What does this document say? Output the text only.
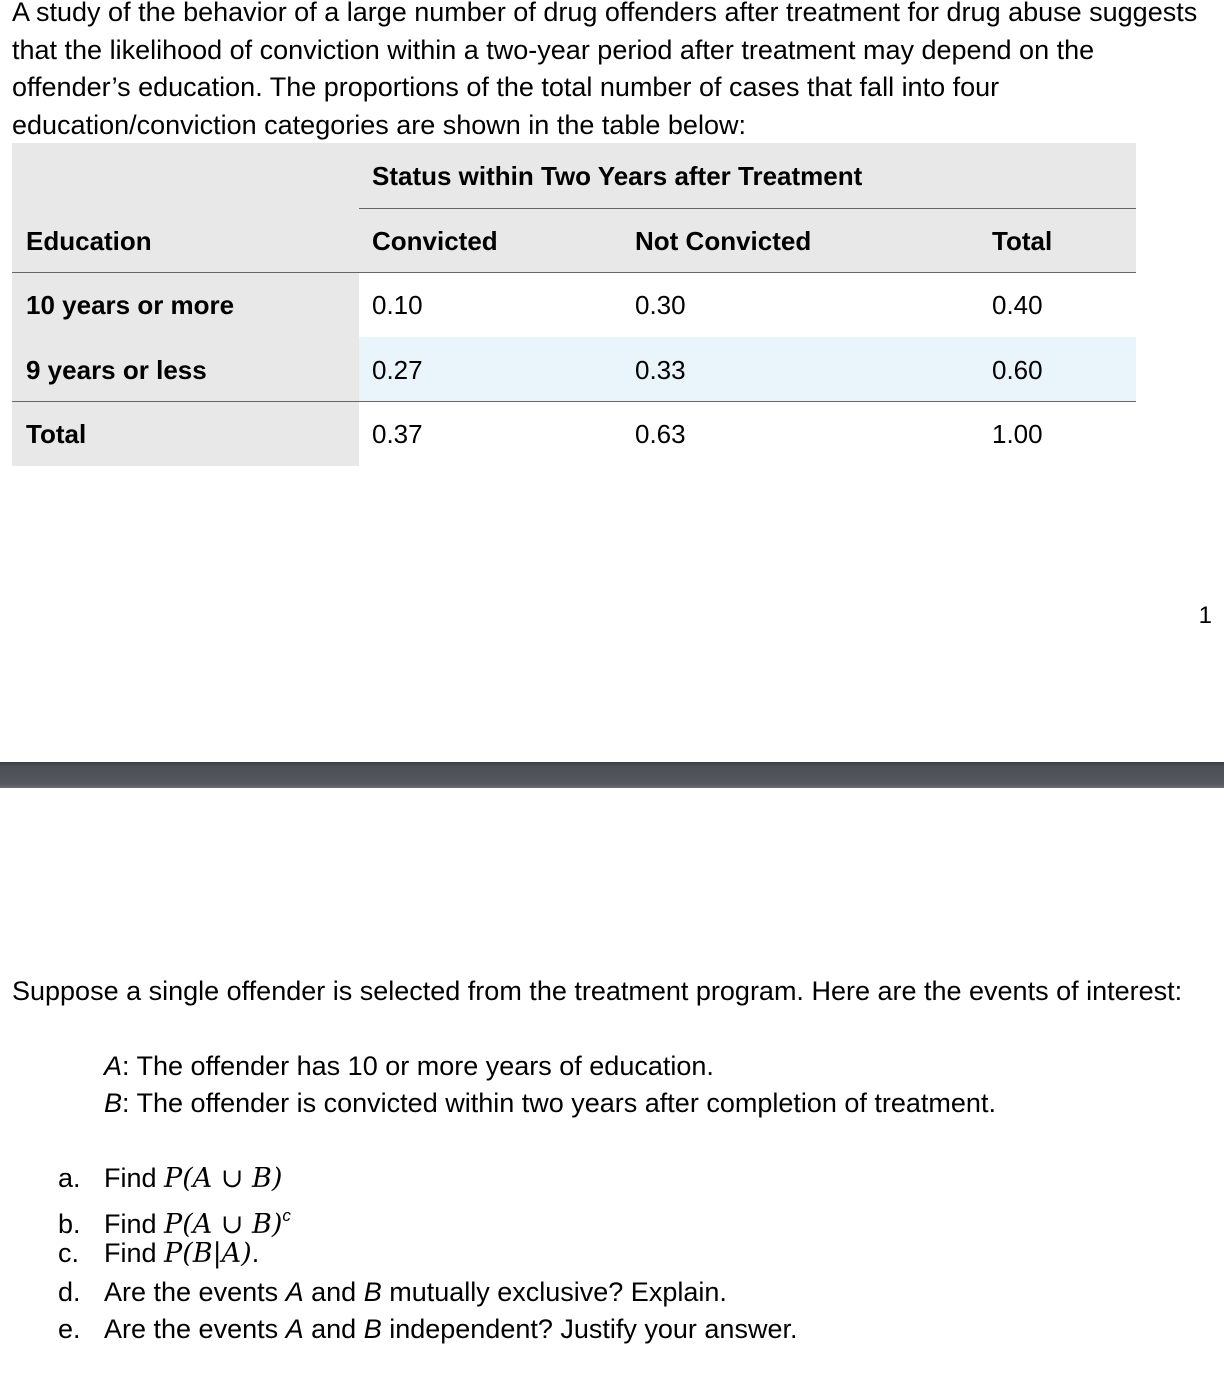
A study of the behavior of a large number of drug offenders after treatment for drug abuse suggests that the likelihood of conviction within a two-year period after treatment may depend on the offender’s education. The proportions of the total number of cases that fall into four education/conviction categories are shown in the table below:

Status within Two Years after Treatment
Education	Convicted	Not Convicted	Total
10 years or more	0.10	0.30	0.40
9 years or less	0.27	0.33	0.60
Total	0.37	0.63	1.00
1

Suppose a single offender is selected from the treatment program. Here are the events of interest:

A: The offender has 10 or more years of education.
B: The offender is convicted within two years after completion of treatment.
a. Find P(A ∪ B)
b. Find P(A ∪ B)$^c$
c. Find P(B|A).
d. Are the events A and B mutually exclusive? Explain.
e. Are the events A and B independent? Justify your answer.
